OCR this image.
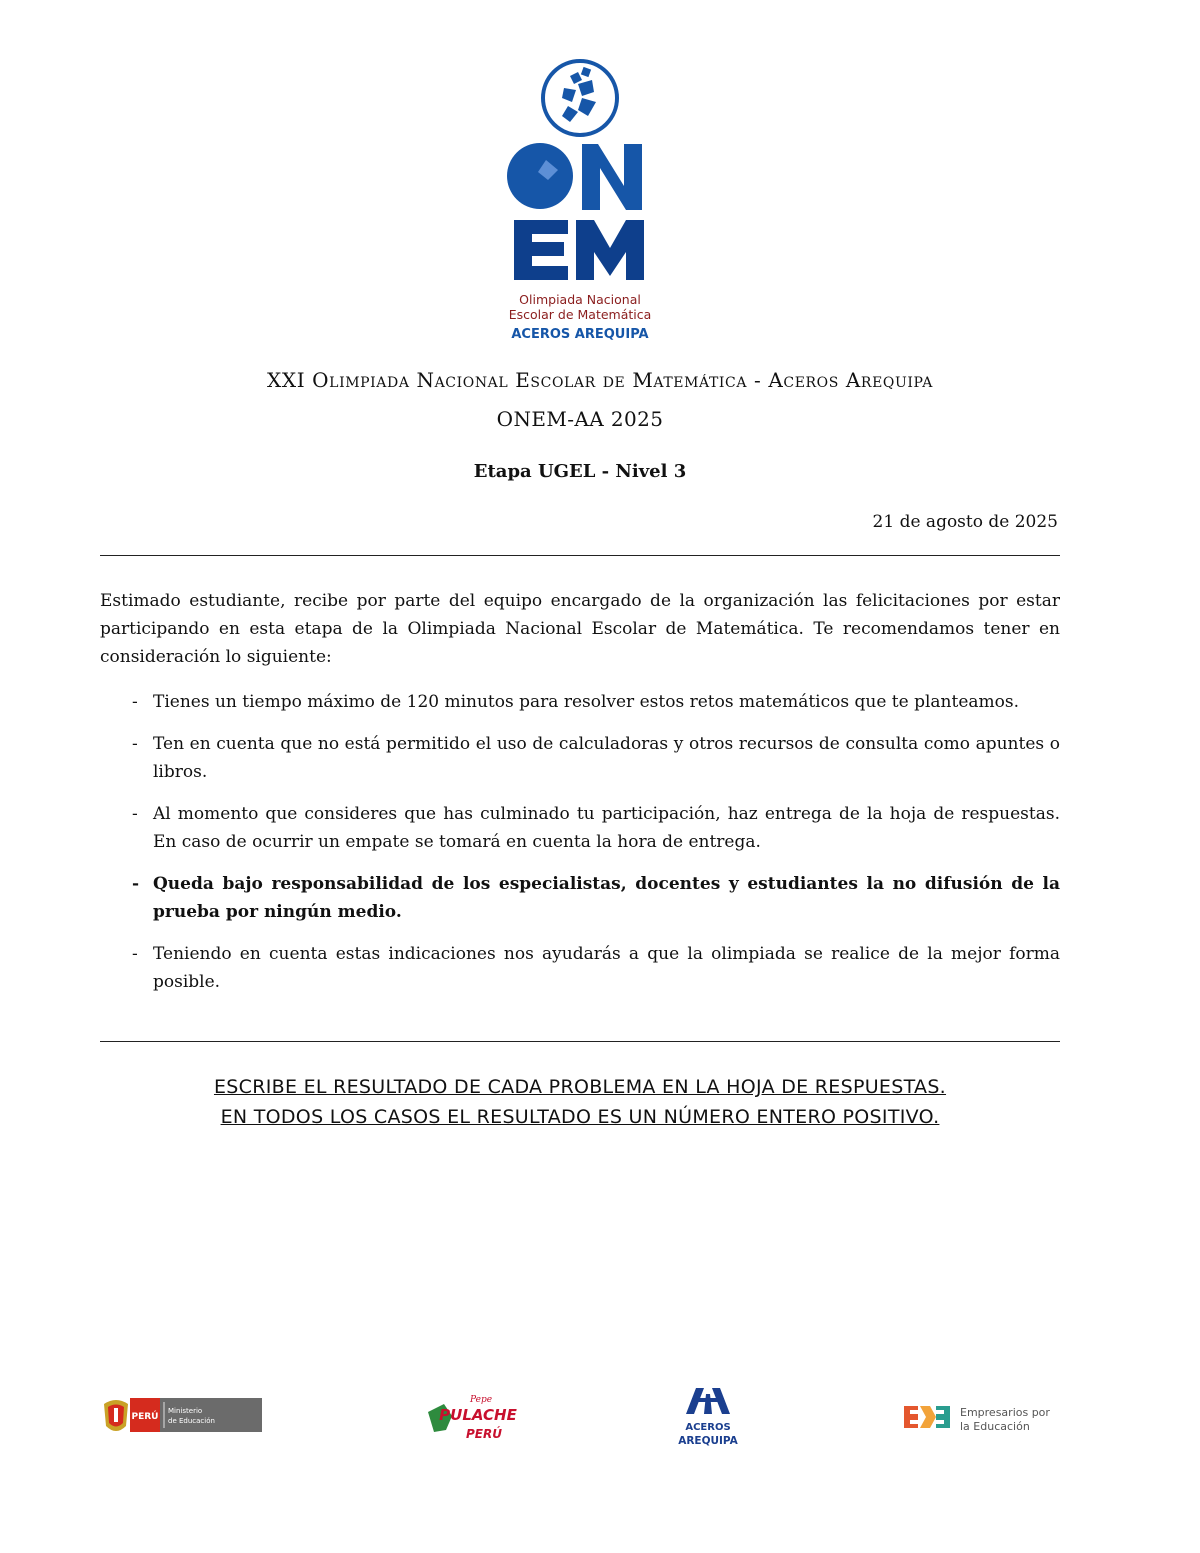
Olimpiada Nacional
Escolar de Matemática
ACEROS AREQUIPA
XXI Olimpiada Nacional Escolar de Matemática - Aceros Arequipa
ONEM-AA 2025
Etapa UGEL - Nivel 3
21 de agosto de 2025

Estimado estudiante, recibe por parte del equipo encargado de la organización las felicitaciones por estar participando en esta etapa de la Olimpiada Nacional Escolar de Matemática. Te recomendamos tener en consideración lo siguiente:

- Tienes un tiempo máximo de 120 minutos para resolver estos retos matemáticos que te planteamos.
- Ten en cuenta que no está permitido el uso de calculadoras y otros recursos de consulta como apuntes o libros.
- Al momento que consideres que has culminado tu participación, haz entrega de la hoja de respuestas. En caso de ocurrir un empate se tomará en cuenta la hora de entrega.
- Queda bajo responsabilidad de los especialistas, docentes y estudiantes la no difusión de la prueba por ningún medio.
- Teniendo en cuenta estas indicaciones nos ayudarás a que la olimpiada se realice de la mejor forma posible.
ESCRIBE EL RESULTADO DE CADA PROBLEMA EN LA HOJA DE RESPUESTAS.
EN TODOS LOS CASOS EL RESULTADO ES UN NÚMERO ENTERO POSITIVO.
PERÚ
Ministerio
de Educación
Pepe
PULACHE
PERÚ	ACEROS
AREQUIPA
Empresarios por
la Educación
